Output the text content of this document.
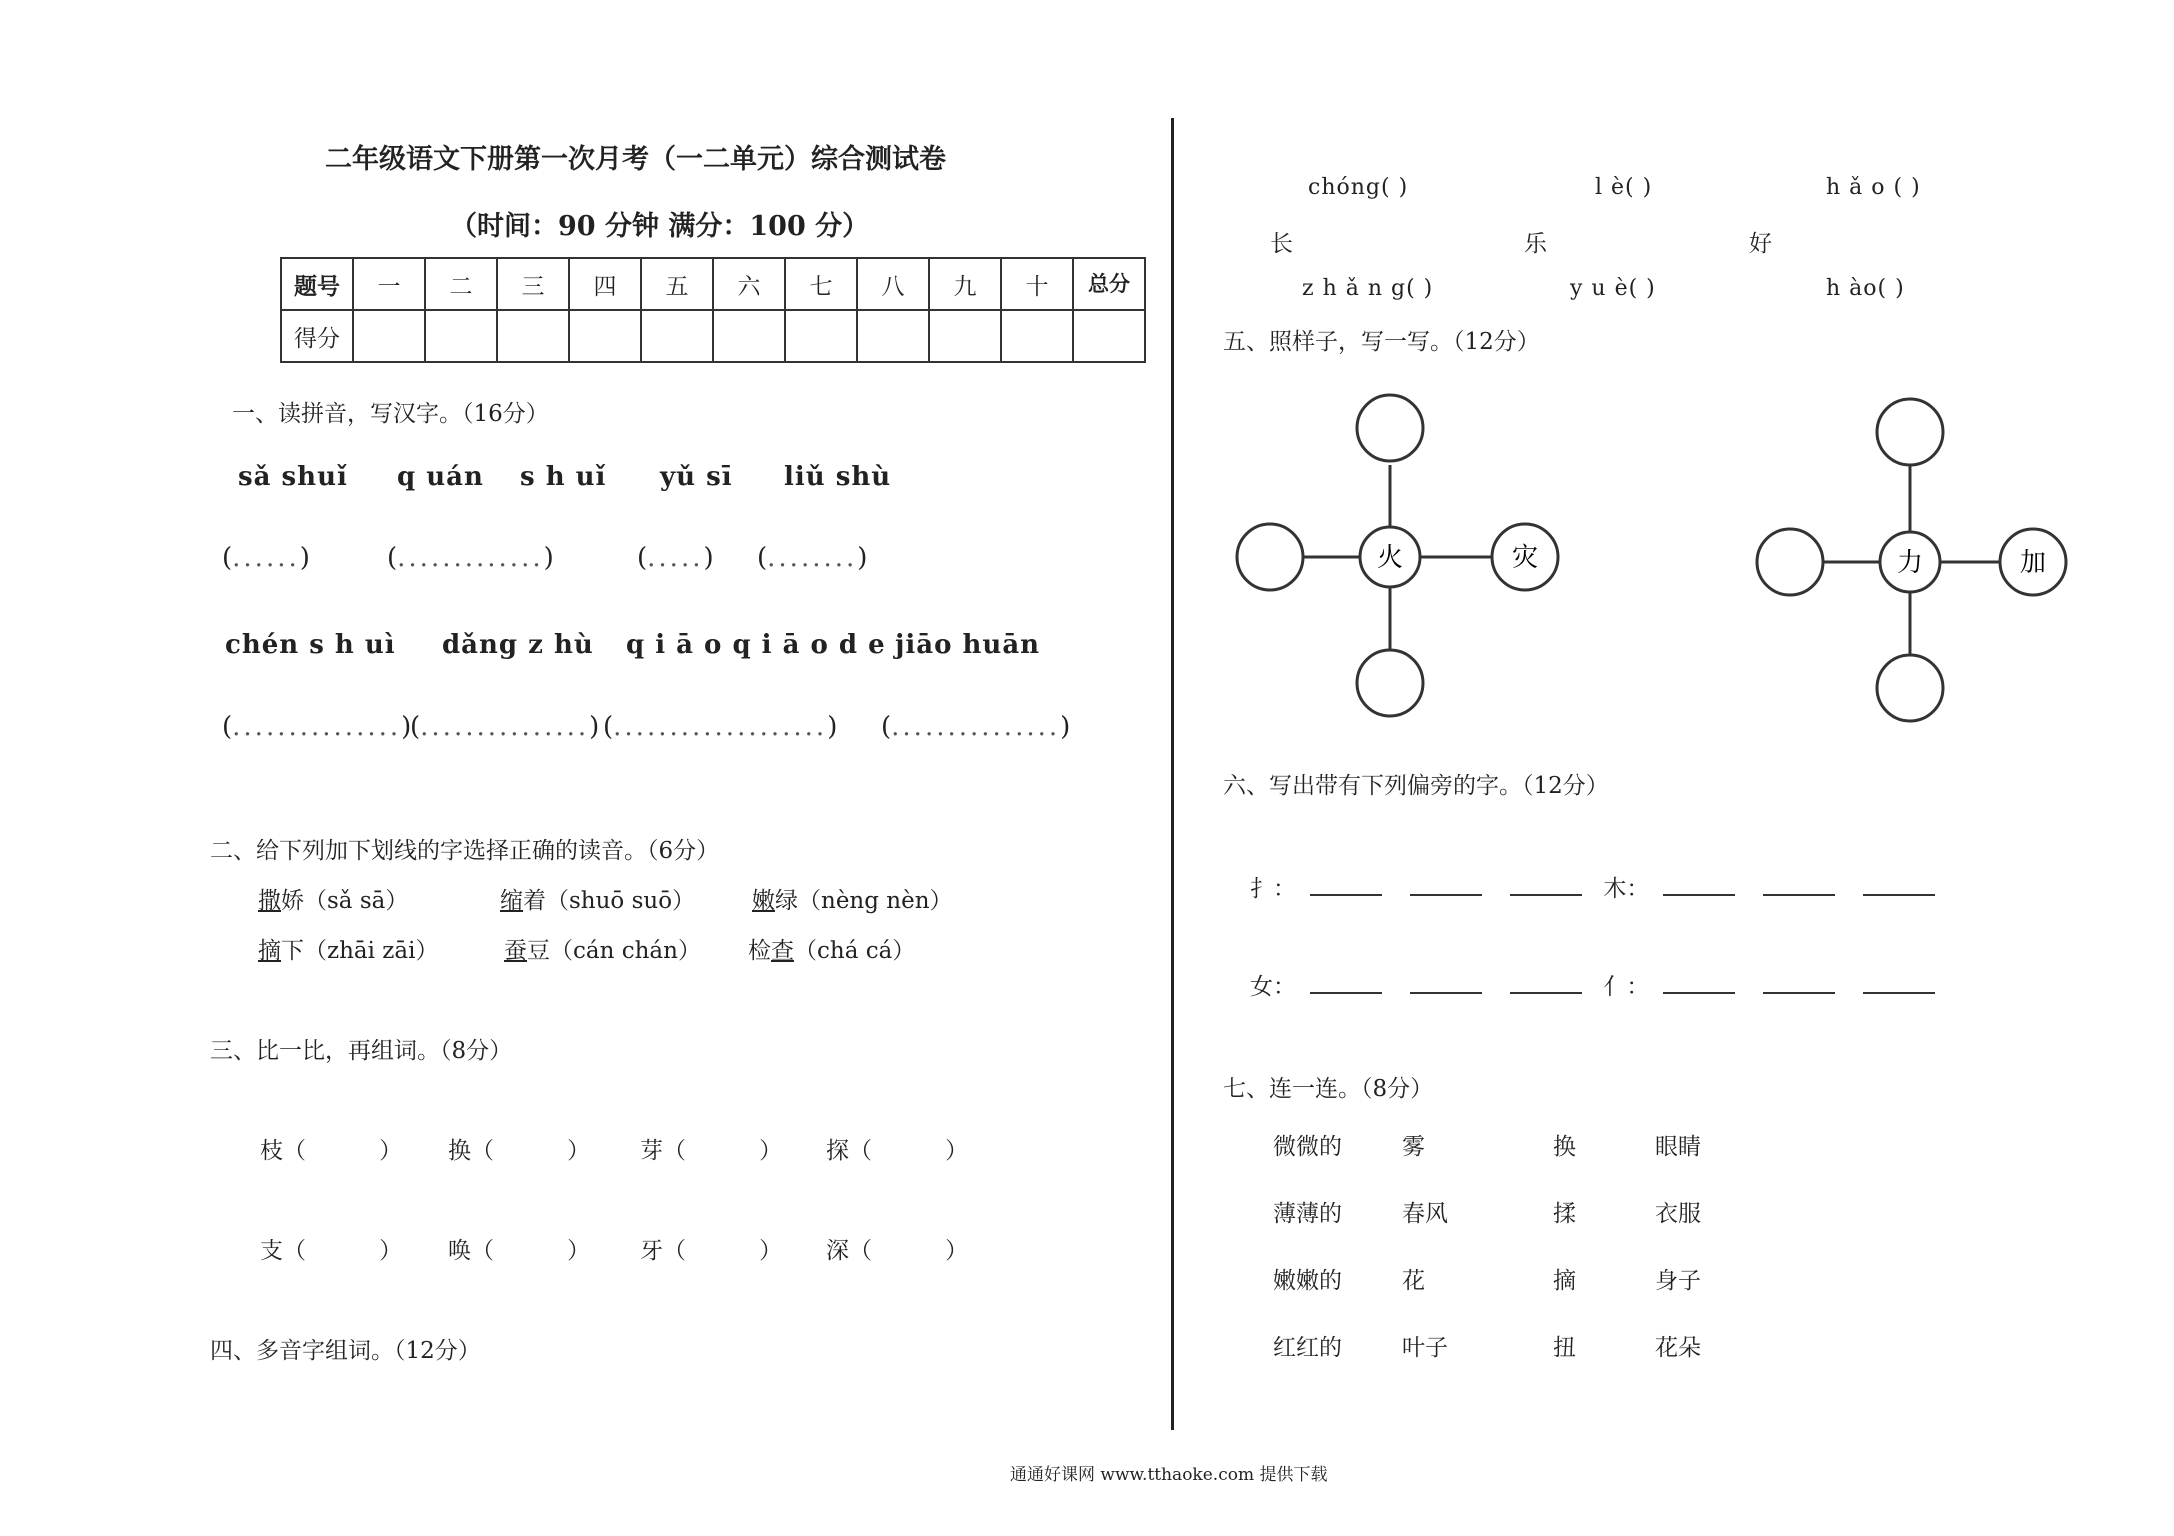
二年级语文下册第一次月考（一二单元）综合测试卷
（时间：90 分钟 满分：100 分）
题号	一	二	三	四	五	六	七	八	九	十	总分
得分											
一、读拼音，写汉字。（16分）
sǎ shuǐ q uán s h uǐ yǔ sī liǔ shù
(......)	(.............)	(.....) (........)
chén s h uì dǎng z hù q i ā o q i ā o d e jiāo huān
(...............)
(...............) (...................) (...............)
二、给下列加下划线的字选择正确的读音。（6分）
撒娇（sǎ sā）	缩着（shuō suō） 嫩绿（nèng nèn）
摘下（zhāi zāi）	蚕豆（cán chán） 检查（chá cá）
三、比一比，再组词。（8分）
枝（          ） 换（          ） 芽（          ） 探（          ）
支（          ） 唤（          ） 牙（          ） 深（          ）
四、多音字组词。（12分）
chóng( )	l è( )	h ǎ o ( )
长	乐	好
z h ǎ n g( )	y u è( )	h ào( )
五、照样子，写一写。（12分）
火	灾	力	加
六、写出带有下列偏旁的字。（12分）
扌：	木：
女：	亻：
七、连一连。（8分）
微微的	雾	换	眼睛
薄薄的	春风	揉	衣服
嫩嫩的	花	摘	身子
红红的	叶子	扭	花朵
通通好课网 www.tthaoke.com 提供下载
